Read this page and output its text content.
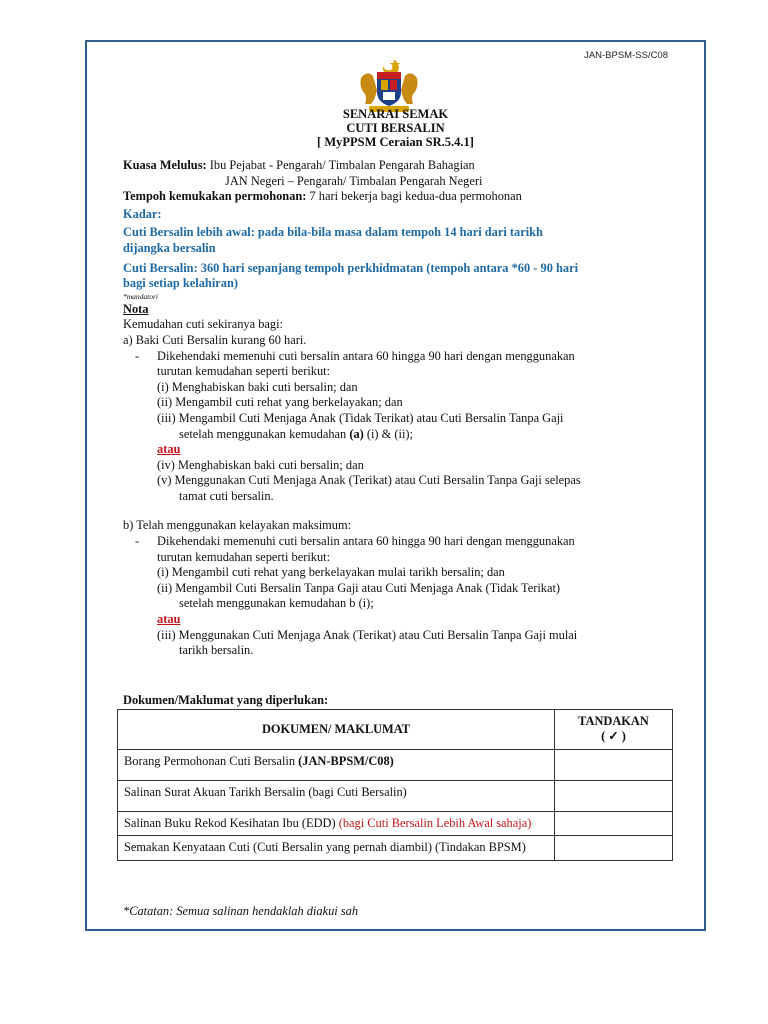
JAN-BPSM-SS/C08
SENARAI SEMAK
CUTI BERSALIN
[ MyPPSM Ceraian SR.5.4.1]
Kuasa Melulus: Ibu Pejabat - Pengarah/ Timbalan Pengarah Bahagian
JAN Negeri – Pengarah/ Timbalan Pengarah Negeri
Tempoh kemukakan permohonan: 7 hari bekerja bagi kedua-dua permohonan
Kadar:
Cuti Bersalin lebih awal: pada bila-bila masa dalam tempoh 14 hari dari tarikh
dijangka bersalin
Cuti Bersalin: 360 hari sepanjang tempoh perkhidmatan (tempoh antara *60 - 90 hari
bagi setiap kelahiran)
*mandatori
Nota
Kemudahan cuti sekiranya bagi:
a) Baki Cuti Bersalin kurang 60 hari.
- Dikehendaki memenuhi cuti bersalin antara 60 hingga 90 hari dengan menggunakan
turutan kemudahan seperti berikut:
(i) Menghabiskan baki cuti bersalin; dan
(ii) Mengambil cuti rehat yang berkelayakan; dan
(iii) Mengambil Cuti Menjaga Anak (Tidak Terikat) atau Cuti Bersalin Tanpa Gaji
setelah menggunakan kemudahan (a) (i) & (ii);
atau
(iv) Menghabiskan baki cuti bersalin; dan
(v) Menggunakan Cuti Menjaga Anak (Terikat) atau Cuti Bersalin Tanpa Gaji selepas
tamat cuti bersalin.
b) Telah menggunakan kelayakan maksimum:
- Dikehendaki memenuhi cuti bersalin antara 60 hingga 90 hari dengan menggunakan
turutan kemudahan seperti berikut:
(i) Mengambil cuti rehat yang berkelayakan mulai tarikh bersalin; dan
(ii) Mengambil Cuti Bersalin Tanpa Gaji atau Cuti Menjaga Anak (Tidak Terikat)
setelah menggunakan kemudahan b (i);
atau
(iii) Menggunakan Cuti Menjaga Anak (Terikat) atau Cuti Bersalin Tanpa Gaji mulai
tarikh bersalin.
Dokumen/Maklumat yang diperlukan:
DOKUMEN/ MAKLUMAT	TANDAKAN
( ✓ )

Borang Permohonan Cuti Bersalin (JAN-BPSM/C08)	
Salinan Surat Akuan Tarikh Bersalin (bagi Cuti Bersalin)	
Salinan Buku Rekod Kesihatan Ibu (EDD) (bagi Cuti Bersalin Lebih Awal sahaja)	
Semakan Kenyataan Cuti (Cuti Bersalin yang pernah diambil) (Tindakan BPSM)	
*Catatan: Semua salinan hendaklah diakui sah
